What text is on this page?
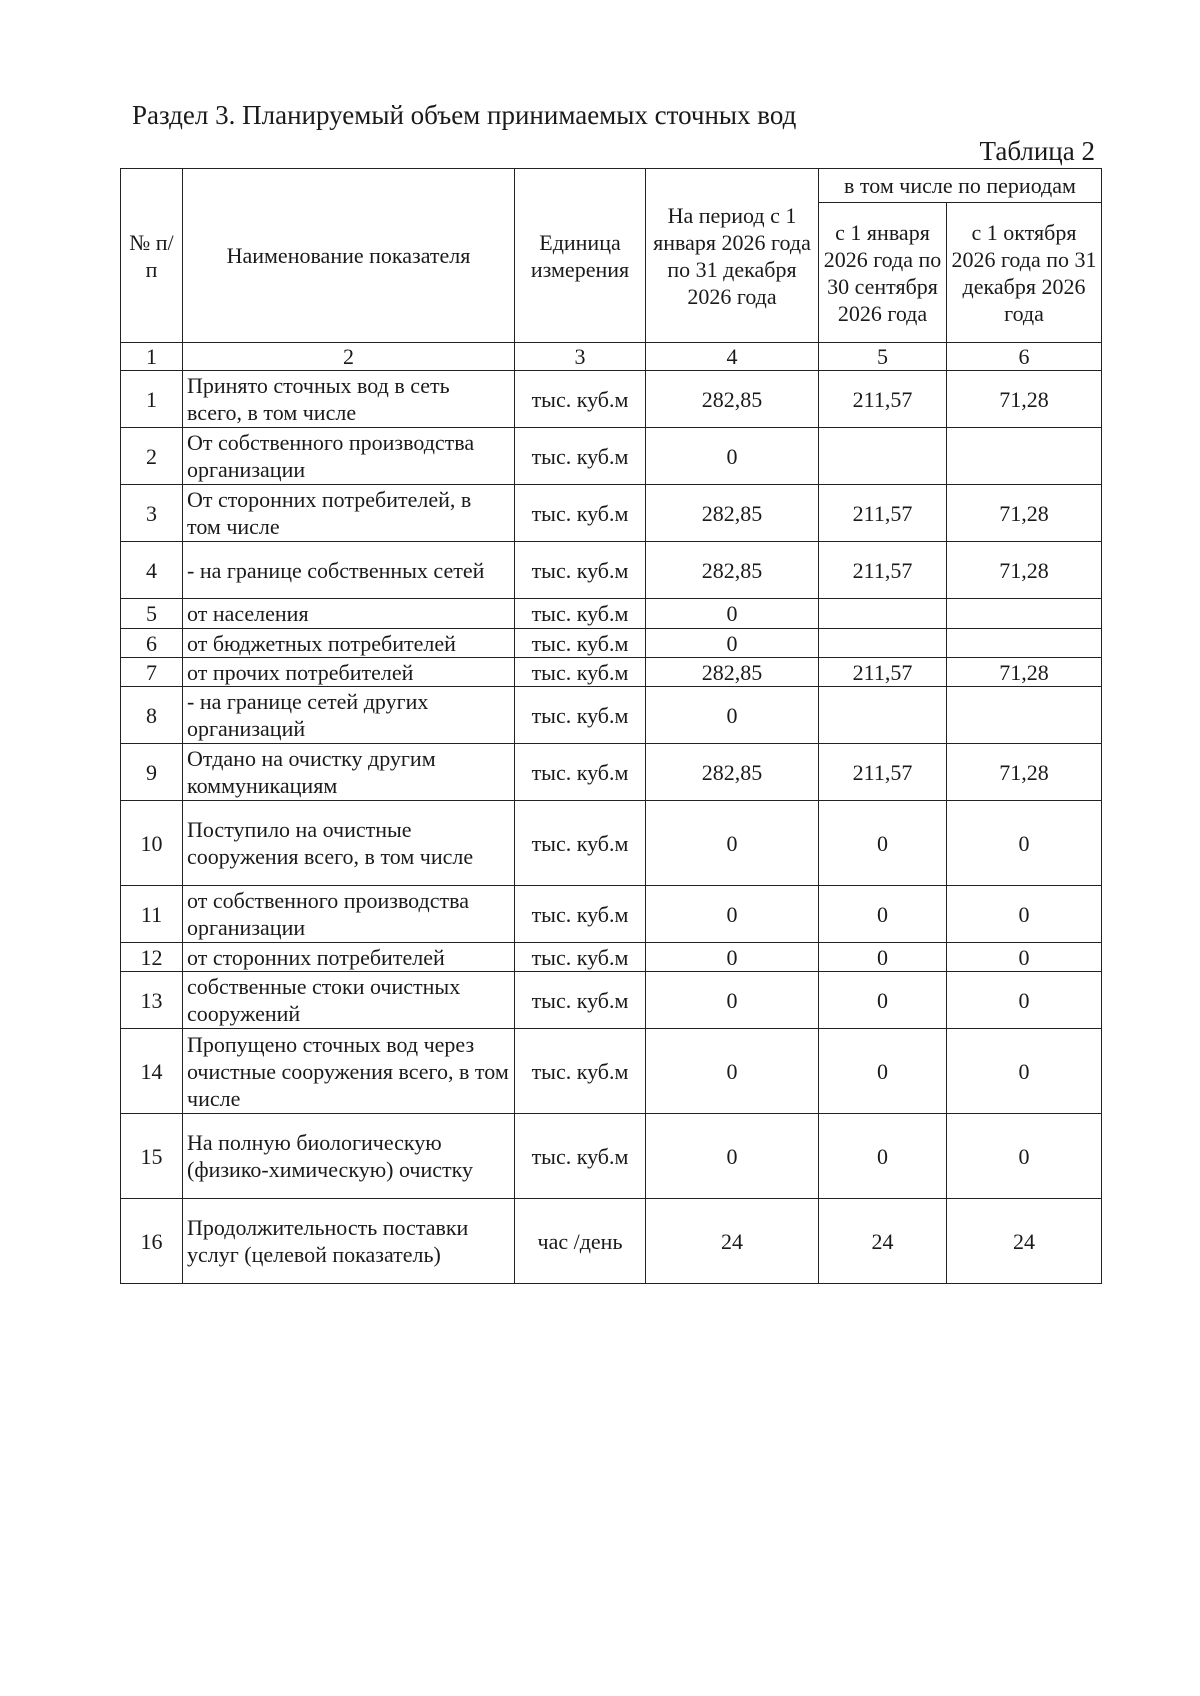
Раздел 3. Планируемый объем принимаемых сточных вод
Таблица 2
№ п/п	Наименование показателя	Единица измерения	На период с 1 января 2026 года по 31 декабря 2026 года	в том числе по периодам	
				с 1 января 2026 года по 30 сентября 2026 года	с 1 октября 2026 года по 31 декабря 2026 года
1	2	3	4	5	6
1	Принято сточных вод в сеть всего, в том числе	тыс. куб.м	282,85	211,57	71,28
2	От собственного производства организации	тыс. куб.м	0		
3	От сторонних потребителей, в том числе	тыс. куб.м	282,85	211,57	71,28
4	- на границе собственных сетей	тыс. куб.м	282,85	211,57	71,28
5	от населения	тыс. куб.м	0		
6	от бюджетных потребителей	тыс. куб.м	0		
7	от прочих потребителей	тыс. куб.м	282,85	211,57	71,28
8	- на границе сетей других организаций	тыс. куб.м	0		
9	Отдано на очистку другим коммуникациям	тыс. куб.м	282,85	211,57	71,28
10	Поступило на очистные сооружения всего, в том числе	тыс. куб.м	0	0	0
11	от собственного производства организации	тыс. куб.м	0	0	0
12	от сторонних потребителей	тыс. куб.м	0	0	0
13	собственные стоки очистных сооружений	тыс. куб.м	0	0	0
14	Пропущено сточных вод через очистные сооружения всего, в том числе	тыс. куб.м	0	0	0
15	На полную биологическую (физико-химическую) очистку	тыс. куб.м	0	0	0
16	Продолжительность поставки услуг (целевой показатель)	час /день	24	24	24
